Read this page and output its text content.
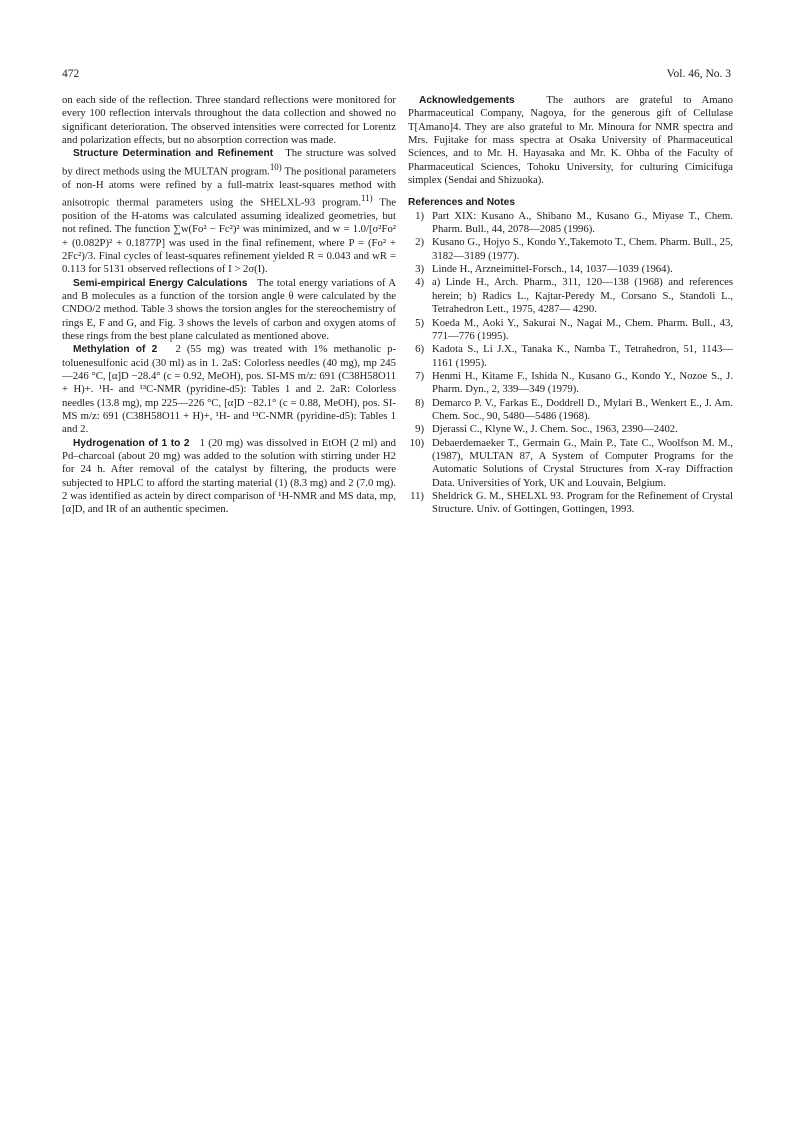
472	Vol. 46, No. 3

on each side of the reflection. Three standard reflections were monitored for every 100 reflection intervals throughout the data collection and showed no significant deterioration. The observed intensities were corrected for Lorentz and polarization effects, but no absorption correction was made.

Structure Determination and Refinement The structure was solved by direct methods using the MULTAN program.$^{10)}$ The positional parameters of non-H atoms were refined by a full-matrix least-squares method with anisotropic thermal parameters using the SHELXL-93 program.$^{11)}$ The position of the H-atoms was calculated assuming idealized geometries, but not refined. The function ∑w(Fo² − Fc²)² was minimized, and w = 1.0/[σ²Fo² + (0.082P)² + 0.1877P] was used in the final refinement, where P = (Fo² + 2Fc²)/3. Final cycles of least-squares refinement yielded R = 0.043 and wR = 0.113 for 5131 observed reflections of I > 2σ(I).

Semi-empirical Energy Calculations The total energy variations of A and B molecules as a function of the torsion angle θ were calculated by the CNDO/2 method. Table 3 shows the torsion angles for the stereochemistry of rings E, F and G, and Fig. 3 shows the levels of carbon and oxygen atoms of these rings from the best plane calculated as mentioned above.

Methylation of 2 2 (55 mg) was treated with 1% methanolic p-toluenesulfonic acid (30 ml) as in 1. 2aS: Colorless needles (40 mg), mp 245—246 °C, [α]D −28.4° (c = 0.92, MeOH), pos. SI-MS m/z: 691 (C38H58O11 + H)+. ¹H- and ¹³C-NMR (pyridine-d5): Tables 1 and 2. 2aR: Colorless needles (13.8 mg), mp 225—226 °C, [α]D −82.1° (c = 0.88, MeOH), pos. SI-MS m/z: 691 (C38H58O11 + H)+, ¹H- and ¹³C-NMR (pyridine-d5): Tables 1 and 2.

Hydrogenation of 1 to 2 1 (20 mg) was dissolved in EtOH (2 ml) and Pd–charcoal (about 20 mg) was added to the solution with stirring under H2 for 24 h. After removal of the catalyst by filtering, the products were subjected to HPLC to afford the starting material (1) (8.3 mg) and 2 (7.0 mg). 2 was identified as actein by direct comparison of ¹H-NMR and MS data, mp, [α]D, and IR of an authentic specimen.

Acknowledgements	The authors are grateful to Amano Pharmaceutical Company, Nagoya, for the generous gift of Cellulase T[Amano]4. They are also grateful to Mr. Minoura for NMR spectra and Mrs. Fujitake for mass spectra at Osaka University of Pharmaceutical Sciences, and to Mr. H. Hayasaka and Mr. K. Ohba of the Faculty of Pharmaceutical Sciences, Tohoku University, for culturing Cimicifuga simplex (Sendai and Shizuoka).

References and Notes
1) Part XIX: Kusano A., Shibano M., Kusano G., Miyase T., Chem. Pharm. Bull., 44, 2078—2085 (1996).
2) Kusano G., Hojyo S., Kondo Y.,Takemoto T., Chem. Pharm. Bull., 25, 3182—3189 (1977).
3) Linde H., Arzneimittel-Forsch., 14, 1037—1039 (1964).
4) a) Linde H., Arch. Pharm., 311, 120—138 (1968) and references herein; b) Radics L., Kajtar-Peredy M., Corsano S., Standoli L., Tetrahedron Lett., 1975, 4287— 4290.
5) Koeda M., Aoki Y., Sakurai N., Nagai M., Chem. Pharm. Bull., 43, 771—776 (1995).
6) Kadota S., Li J.X., Tanaka K., Namba T., Tetrahedron, 51, 1143—1161 (1995).
7) Henmi H., Kitame F., Ishida N., Kusano G., Kondo Y., Nozoe S., J. Pharm. Dyn., 2, 339—349 (1979).
8) Demarco P. V., Farkas E., Doddrell D., Mylari B., Wenkert E., J. Am. Chem. Soc., 90, 5480—5486 (1968).
9) Djerassi C., Klyne W., J. Chem. Soc., 1963, 2390—2402.
10) Debaerdemaeker T., Germain G., Main P., Tate C., Woolfson M. M., (1987), MULTAN 87, A System of Computer Programs for the Automatic Solutions of Crystal Structures from X-ray Diffraction Data. Universities of York, UK and Louvain, Belgium.
11) Sheldrick G. M., SHELXL 93. Program for the Refinement of Crystal Structure. Univ. of Gottingen, Gottingen, 1993.
